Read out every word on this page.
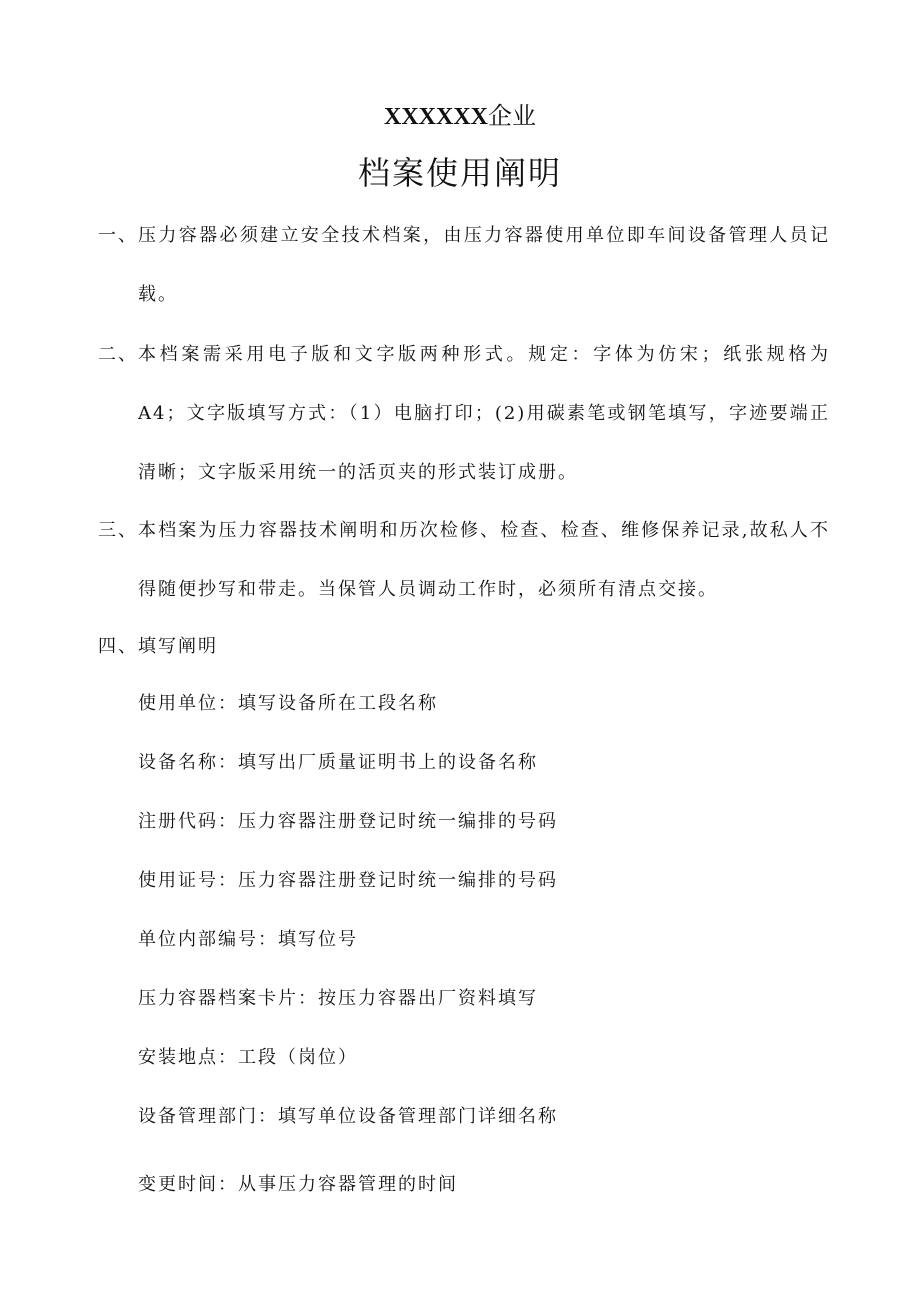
XXXXXX企业
档案使用阐明
一、 压力容器必须建立安全技术档案，由压力容器使用单位即车间设备管理人员记载。
二、 本档案需采用电子版和文字版两种形式。规定：字体为仿宋；纸张规格为 A4；文字版填写方式：（1）电脑打印；(2)用碳素笔或钢笔填写，字迹要端正清晰；文字版采用统一的活页夹的形式装订成册。
三、 本档案为压力容器技术阐明和历次检修、检查、检查、维修保养记录,故私人不得随便抄写和带走。当保管人员调动工作时，必须所有清点交接。
四、 填写阐明
使用单位：填写设备所在工段名称
设备名称：填写出厂质量证明书上的设备名称
注册代码：压力容器注册登记时统一编排的号码
使用证号：压力容器注册登记时统一编排的号码
单位内部编号：填写位号
压力容器档案卡片：按压力容器出厂资料填写
安装地点：工段（岗位）
设备管理部门：填写单位设备管理部门详细名称
变更时间：从事压力容器管理的时间
